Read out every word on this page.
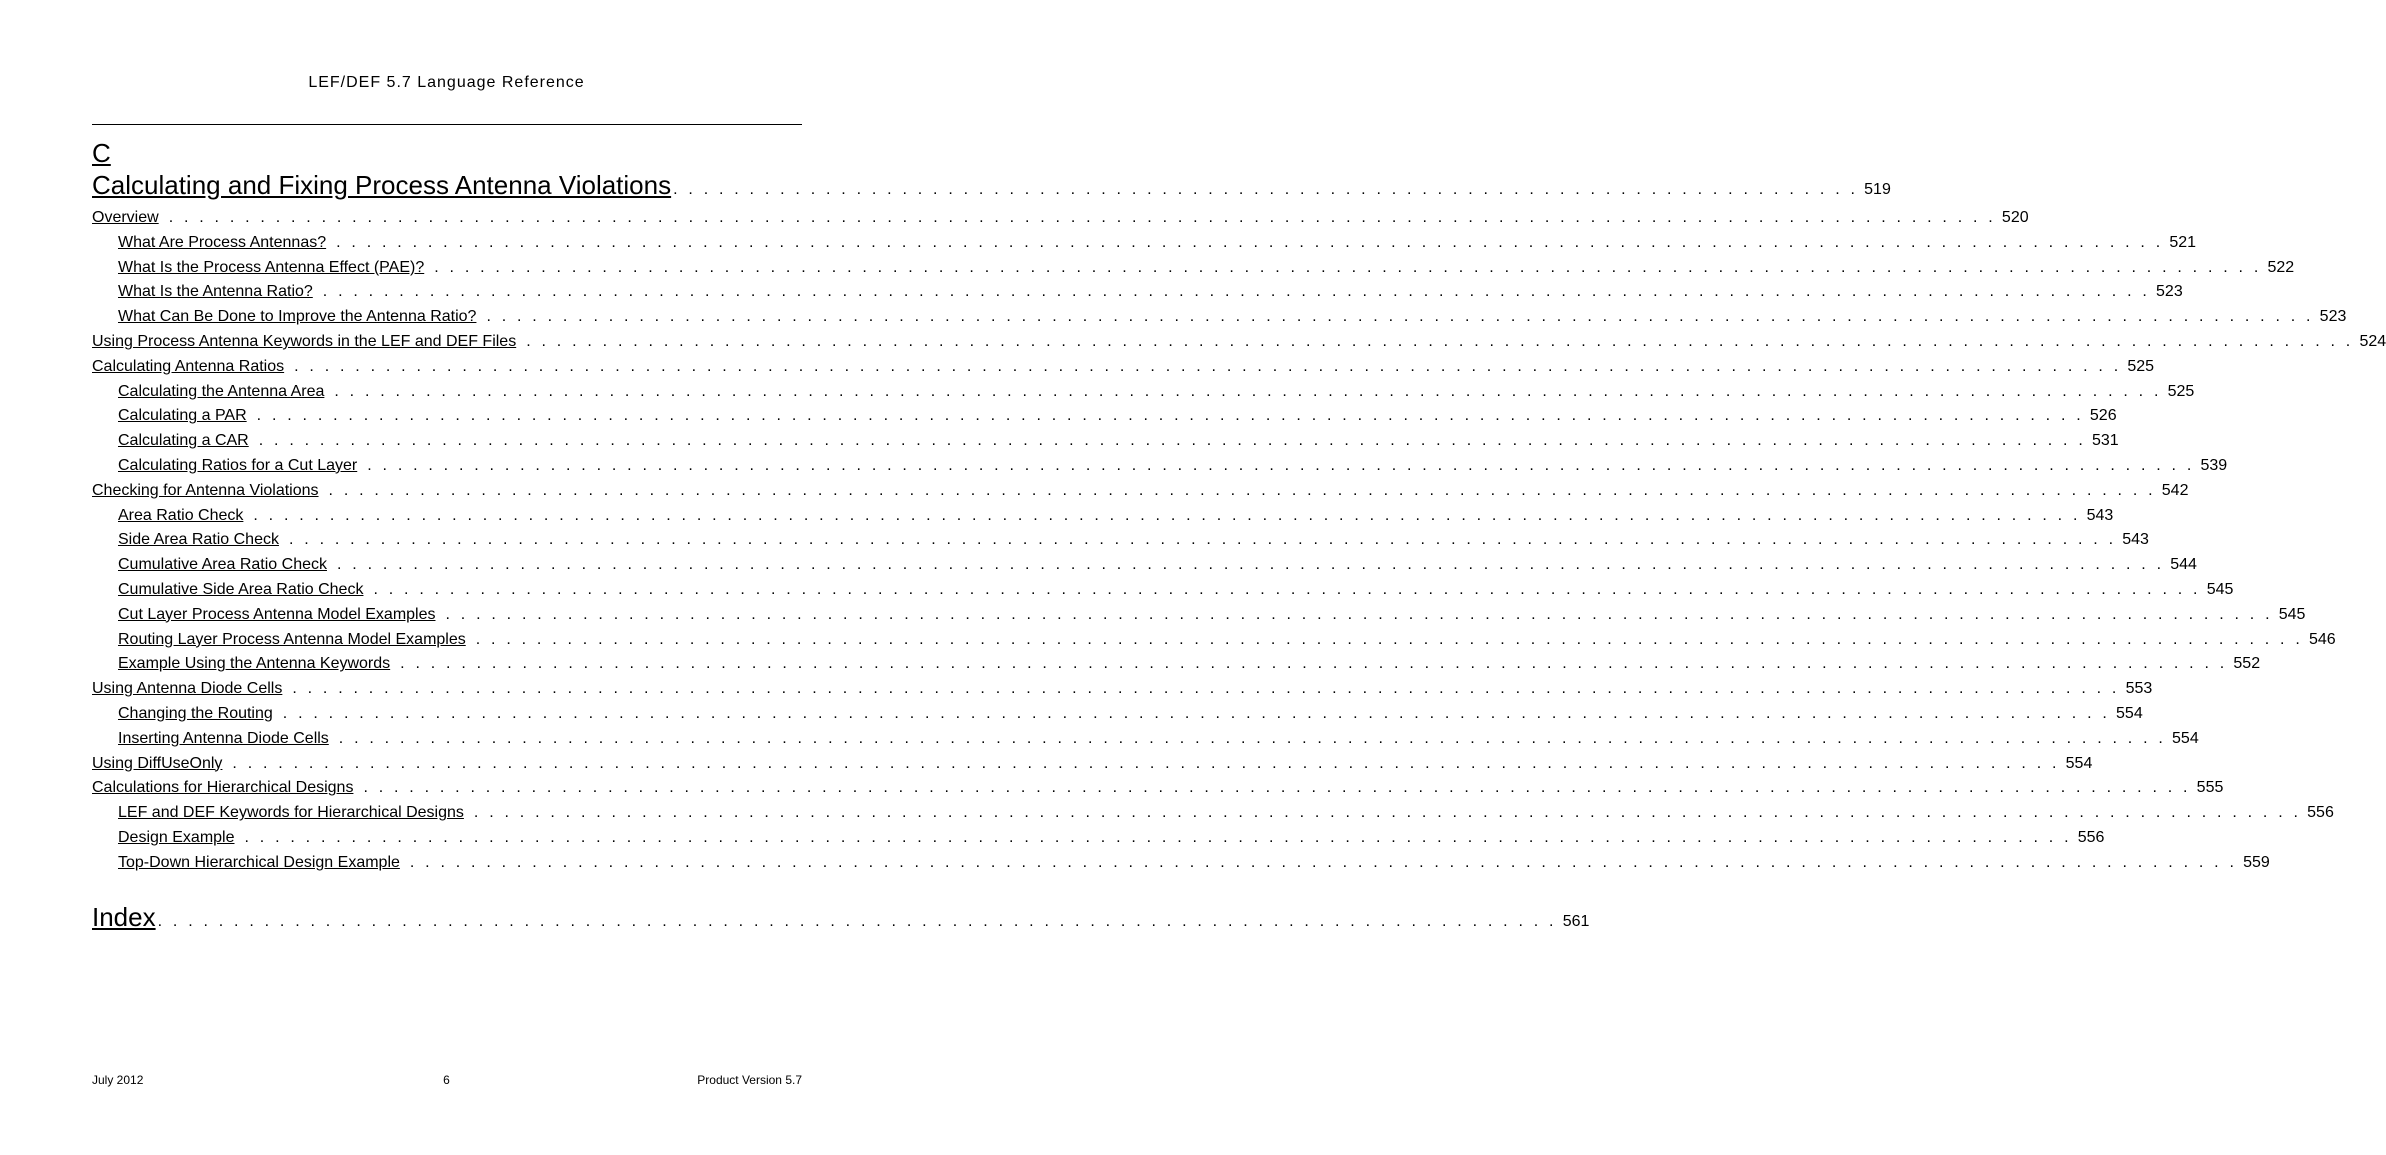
LEF/DEF 5.7 Language Reference
C
Calculating and Fixing Process Antenna Violations . . . . . . . . . . . . . . . . . . . . . . . . . . . . . . . . . . . . . . . . . . . . . . . . . . . . . . . . . . . . . . . . . . . . . . . . . . . . . . 519
Overview . . . . . . . . . . . . . . . . . . . . . . . . . . . . . . . . . . . . . . . . . . . . . . . . . . . . . . . . . . . . . . . . . . . . . . . . . . . . . . . . . . . . . . . . . . . . . . . . . . . . . . . . . . . . . . . . . . . . . . . . 520
What Are Process Antennas? . . . . . . . . . . . . . . . . . . . . . . . . . . . . . . . . . . . . . . . . . . . . . . . . . . . . . . . . . . . . . . . . . . . . . . . . . . . . . . . . . . . . . . . . . . . . . . . . . . . . . . . . . . . . . . . . . . . . . . . . 521
What Is the Process Antenna Effect (PAE)? . . . . . . . . . . . . . . . . . . . . . . . . . . . . . . . . . . . . . . . . . . . . . . . . . . . . . . . . . . . . . . . . . . . . . . . . . . . . . . . . . . . . . . . . . . . . . . . . . . . . . . . . . . . . . . . . . . . . . . . . 522
What Is the Antenna Ratio? . . . . . . . . . . . . . . . . . . . . . . . . . . . . . . . . . . . . . . . . . . . . . . . . . . . . . . . . . . . . . . . . . . . . . . . . . . . . . . . . . . . . . . . . . . . . . . . . . . . . . . . . . . . . . . . . . . . . . . . . 523
What Can Be Done to Improve the Antenna Ratio? . . . . . . . . . . . . . . . . . . . . . . . . . . . . . . . . . . . . . . . . . . . . . . . . . . . . . . . . . . . . . . . . . . . . . . . . . . . . . . . . . . . . . . . . . . . . . . . . . . . . . . . . . . . . . . . . . . . . . . . . 523
Using Process Antenna Keywords in the LEF and DEF Files . . . . . . . . . . . . . . . . . . . . . . . . . . . . . . . . . . . . . . . . . . . . . . . . . . . . . . . . . . . . . . . . . . . . . . . . . . . . . . . . . . . . . . . . . . . . . . . . . . . . . . . . . . . . . . . . . . . . . . . . 524
Calculating Antenna Ratios . . . . . . . . . . . . . . . . . . . . . . . . . . . . . . . . . . . . . . . . . . . . . . . . . . . . . . . . . . . . . . . . . . . . . . . . . . . . . . . . . . . . . . . . . . . . . . . . . . . . . . . . . . . . . . . . . . . . . . . . 525
Calculating the Antenna Area . . . . . . . . . . . . . . . . . . . . . . . . . . . . . . . . . . . . . . . . . . . . . . . . . . . . . . . . . . . . . . . . . . . . . . . . . . . . . . . . . . . . . . . . . . . . . . . . . . . . . . . . . . . . . . . . . . . . . . . . 525
Calculating a PAR . . . . . . . . . . . . . . . . . . . . . . . . . . . . . . . . . . . . . . . . . . . . . . . . . . . . . . . . . . . . . . . . . . . . . . . . . . . . . . . . . . . . . . . . . . . . . . . . . . . . . . . . . . . . . . . . . . . . . . . . 526
Calculating a CAR . . . . . . . . . . . . . . . . . . . . . . . . . . . . . . . . . . . . . . . . . . . . . . . . . . . . . . . . . . . . . . . . . . . . . . . . . . . . . . . . . . . . . . . . . . . . . . . . . . . . . . . . . . . . . . . . . . . . . . . . 531
Calculating Ratios for a Cut Layer . . . . . . . . . . . . . . . . . . . . . . . . . . . . . . . . . . . . . . . . . . . . . . . . . . . . . . . . . . . . . . . . . . . . . . . . . . . . . . . . . . . . . . . . . . . . . . . . . . . . . . . . . . . . . . . . . . . . . . . . 539
Checking for Antenna Violations . . . . . . . . . . . . . . . . . . . . . . . . . . . . . . . . . . . . . . . . . . . . . . . . . . . . . . . . . . . . . . . . . . . . . . . . . . . . . . . . . . . . . . . . . . . . . . . . . . . . . . . . . . . . . . . . . . . . . . . . 542
Area Ratio Check . . . . . . . . . . . . . . . . . . . . . . . . . . . . . . . . . . . . . . . . . . . . . . . . . . . . . . . . . . . . . . . . . . . . . . . . . . . . . . . . . . . . . . . . . . . . . . . . . . . . . . . . . . . . . . . . . . . . . . . . 543
Side Area Ratio Check . . . . . . . . . . . . . . . . . . . . . . . . . . . . . . . . . . . . . . . . . . . . . . . . . . . . . . . . . . . . . . . . . . . . . . . . . . . . . . . . . . . . . . . . . . . . . . . . . . . . . . . . . . . . . . . . . . . . . . . . 543
Cumulative Area Ratio Check . . . . . . . . . . . . . . . . . . . . . . . . . . . . . . . . . . . . . . . . . . . . . . . . . . . . . . . . . . . . . . . . . . . . . . . . . . . . . . . . . . . . . . . . . . . . . . . . . . . . . . . . . . . . . . . . . . . . . . . . 544
Cumulative Side Area Ratio Check . . . . . . . . . . . . . . . . . . . . . . . . . . . . . . . . . . . . . . . . . . . . . . . . . . . . . . . . . . . . . . . . . . . . . . . . . . . . . . . . . . . . . . . . . . . . . . . . . . . . . . . . . . . . . . . . . . . . . . . . 545
Cut Layer Process Antenna Model Examples . . . . . . . . . . . . . . . . . . . . . . . . . . . . . . . . . . . . . . . . . . . . . . . . . . . . . . . . . . . . . . . . . . . . . . . . . . . . . . . . . . . . . . . . . . . . . . . . . . . . . . . . . . . . . . . . . . . . . . . . 545
Routing Layer Process Antenna Model Examples . . . . . . . . . . . . . . . . . . . . . . . . . . . . . . . . . . . . . . . . . . . . . . . . . . . . . . . . . . . . . . . . . . . . . . . . . . . . . . . . . . . . . . . . . . . . . . . . . . . . . . . . . . . . . . . . . . . . . . . . 546
Example Using the Antenna Keywords . . . . . . . . . . . . . . . . . . . . . . . . . . . . . . . . . . . . . . . . . . . . . . . . . . . . . . . . . . . . . . . . . . . . . . . . . . . . . . . . . . . . . . . . . . . . . . . . . . . . . . . . . . . . . . . . . . . . . . . . 552
Using Antenna Diode Cells . . . . . . . . . . . . . . . . . . . . . . . . . . . . . . . . . . . . . . . . . . . . . . . . . . . . . . . . . . . . . . . . . . . . . . . . . . . . . . . . . . . . . . . . . . . . . . . . . . . . . . . . . . . . . . . . . . . . . . . . 553
Changing the Routing . . . . . . . . . . . . . . . . . . . . . . . . . . . . . . . . . . . . . . . . . . . . . . . . . . . . . . . . . . . . . . . . . . . . . . . . . . . . . . . . . . . . . . . . . . . . . . . . . . . . . . . . . . . . . . . . . . . . . . . . 554
Inserting Antenna Diode Cells . . . . . . . . . . . . . . . . . . . . . . . . . . . . . . . . . . . . . . . . . . . . . . . . . . . . . . . . . . . . . . . . . . . . . . . . . . . . . . . . . . . . . . . . . . . . . . . . . . . . . . . . . . . . . . . . . . . . . . . . 554
Using DiffUseOnly . . . . . . . . . . . . . . . . . . . . . . . . . . . . . . . . . . . . . . . . . . . . . . . . . . . . . . . . . . . . . . . . . . . . . . . . . . . . . . . . . . . . . . . . . . . . . . . . . . . . . . . . . . . . . . . . . . . . . . . . 554
Calculations for Hierarchical Designs . . . . . . . . . . . . . . . . . . . . . . . . . . . . . . . . . . . . . . . . . . . . . . . . . . . . . . . . . . . . . . . . . . . . . . . . . . . . . . . . . . . . . . . . . . . . . . . . . . . . . . . . . . . . . . . . . . . . . . . . 555
LEF and DEF Keywords for Hierarchical Designs . . . . . . . . . . . . . . . . . . . . . . . . . . . . . . . . . . . . . . . . . . . . . . . . . . . . . . . . . . . . . . . . . . . . . . . . . . . . . . . . . . . . . . . . . . . . . . . . . . . . . . . . . . . . . . . . . . . . . . . . 556
Design Example . . . . . . . . . . . . . . . . . . . . . . . . . . . . . . . . . . . . . . . . . . . . . . . . . . . . . . . . . . . . . . . . . . . . . . . . . . . . . . . . . . . . . . . . . . . . . . . . . . . . . . . . . . . . . . . . . . . . . . . . 556
Top-Down Hierarchical Design Example . . . . . . . . . . . . . . . . . . . . . . . . . . . . . . . . . . . . . . . . . . . . . . . . . . . . . . . . . . . . . . . . . . . . . . . . . . . . . . . . . . . . . . . . . . . . . . . . . . . . . . . . . . . . . . . . . . . . . . . . 559
Index . . . . . . . . . . . . . . . . . . . . . . . . . . . . . . . . . . . . . . . . . . . . . . . . . . . . . . . . . . . . . . . . . . . . . . . . . . . . . . . . . . . . . . . . . . . . 561
July 2012	6	Product Version 5.7
